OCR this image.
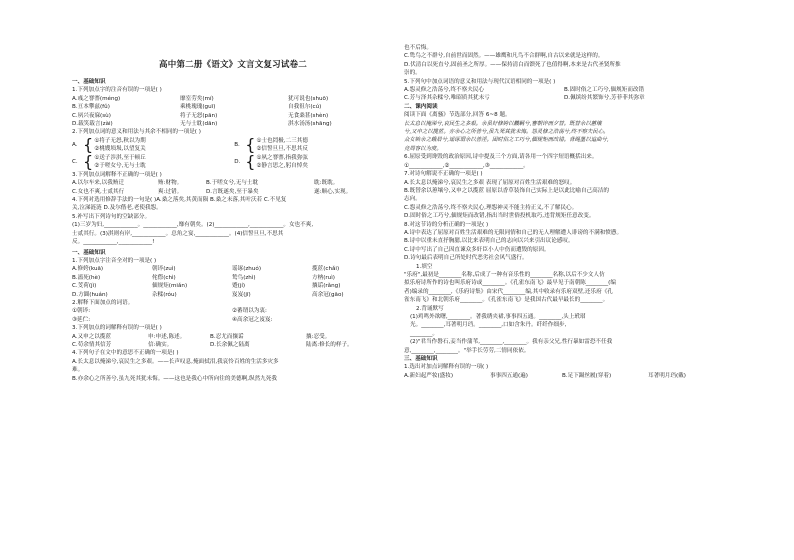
高中第二册《语文》文言文复习试卷二
一、基础知识
1.下列加点字的注音有误的一项是( )
A.彧之謇謇(méng)	靡室劳矣(mí)	犹可说也(shuō)
B.亘本攀兹(fǔ)	乘桃瑰瑰(guī)	自我徂尔(cú)
C.夙兴夜寐(sù)	将子无怒(pān)	无食桑葚(shèn)
D.载笑载言(zài)	无与士耽(dān)	淇水汤汤(shāng)
2.下列加点词的意义和用法与其余不相同的一项是( )
A. { ①将子无怒,秋以为期
②桃嫂埙埙,以望复关
B. { ①士也罔极,二三其德
②信誓旦旦,不思其反
C. { ①送子涉淇,至于顿丘
②于嗟女兮,无与士耽
D. { ①夙之謇謇,指我弥弦
②静言思之,躬自悼矣
3.下列加点词解释不正确的一项是( )
A.以尔车来,以我贿迁	贿:财物。	B.于嗟女兮,无与士耽	耽:既耽。
C.女也不爽,士贰其行	爽:过错。	D.言既遂矣,至于暴矣	遂:顺心,实现。
4.下列对选用修辞手法的一句是( )A.桑之落矣,其黄而陨 B.桑之未落,其叶沃若 C.不见复
关,泣涕涟涟 D.及尔偕老,老使我怨。
5.补写出下列诗句的空缺部分。
(1)三岁为妇,____________。____________,靡有朝矣。(2)____________,____________。女也不爽,
士贰其行。(3)淇则有岸,____________。总角之宴,____________。(4)信誓旦旦,不思其
反。____________,____________!
一、基础知识
1.下列加点字注音全对的一项是( )
A.修姱(kuā)	朝谇(zuì)	谣诼(zhuó)	揽茝(chǎi)
B.溘死(hè)	侘傺(chì)	鸷鸟(zhì)	方枘(ruì)
C.芰荷(jì)	偭规矩(miǎn)	蹙(jí)	攘诟(rǎng)
D.方圜(huán)	杂糅(róu)	岌岌(jī)	高余冠(gāo)
2.解释下面加点的词语。
①朝谇:	②蕃谓以为衷:
③延伫:	④高余冠之岌岌:
3.下列加点的词解释有误的一项是( )
A.又申之以揽茝	申:申述,陈述。	B.忍尤而攘诟	攘:忍受。
C.苟余情其信芳	信:确实。	D.长余佩之陆离	陆离:修长的样子。
4.下列句子在文中的意思不正确的一项是( )
A.长太息以掩涕兮,哀民生之多艰。——长声叹息,掩面拭泪,我哀怜百姓的生活多灾多
难。
B.亦余心之所善兮,虽九死其犹未悔。——这也是我心中所向往的美德啊,纵然九死我
也不后悔。
C.鸷鸟之不群兮,自前世而固然。——雄鹰和凡鸟不合群啊,自古以来就是这样的。
D.伏清白以死直兮,固前圣之所厚。——保持清白而馈死了也值得啊,本来是古代圣贤所推
崇的。
5.下列句中加点词语的意义和用法与现代汉语相同的一项是( )
A.怨灵修之浩荡兮,终不察夫民心	B.固时俗之工巧兮,偭规矩而改错
C.芳与泽其杂糅兮,唯昭质其犹未亏	D.佩缤纷其繁饰兮,芳菲菲其弥章
二、课内阅读
阅读下面《离骚》节选部分,回答 6~8 题。
长太息以掩涕兮,哀民生之多艰。余虽好修姱以鞿羁兮,謇朝谇而夕替。既替余以蕙壤
兮,又申之以揽茝。亦余心之所善兮,虽九死其犹未悔。怨灵修之浩荡兮,终不察夫民心。
众女嫉余之蛾眉兮,谣诼谓余以善淫。固时俗之工巧兮,偭规矩而改错。背绳墨以追曲兮,
竞周容以为度。
6.屈原受到谗毁的政治原因,诗中提及三个方面,请各用一个四字短语概括出来。
①____________,②____________,③____________。
7.对诗句解说不正确的一项是( )
A.长太息以掩涕兮,哀民生之多艰 表现了屈原对百姓生活艰难的怒叹。
B.既替余以蕙壤兮,又申之以揽茝 屈原以香草装饰自己实际上是以此比喻自己高洁的
志向。
C.怨灵修之浩荡兮,终不察夫民心,理怨神灵不能主持正义,不了解民心。
D.固时俗之工巧兮,偭规矩而改错,指出当时世俗投机取巧,违背规矩任意改变。
8.对这节诗的分析正确的一项是( )
A.诗中表达了屈原对百姓生活艰难的无限同情和自己的无人理解遭人诽谤的不满和愤懑。
B.诗中以重未直抒胸臆,以比来表明自己的志向以兴来引出议论感叹。
C.诗中写出了自己因直谏众多奸臣小人中伤而遭毁的原因。
D.诗句最后表明自己所处时代恶劣社会风气盛行。
1.填空
"乐府",最初是________名称,后成了一种有音乐性的________名称,以后不少文人仿
拟乐府诗所作的诗也叫乐府诗或________。《孔雀东南飞》最早见于南朝陈________(编
者)编录的________,《乐府诗集》由宋代________编,其中收录有乐府双壁,还乐府《孔
雀东南飞》和北朝乐府________。《孔雀东南飞》是我国古代最早最长的________。
2.背诵默写
(1)鸡鸣外欲曙,________。著我绣夹裙,事事四五通。________,头上玳瑁
光。________,耳著明月珰。________,口如含朱丹。纤纤作细步,
________。
(2)"君当作磐石,妾当作蒲苇,________,________。我有亲父兄,性行暴如雷恐不任我
意,________,________。"举手长劳劳,二情同依依。
三、基础知识
1.选出对加点词解释有误的一项( )
A.新妇起严妆(盛妆)	事事四五通(遍)	B.足下蹑丝履(穿着)	耳著明月珰(戴)
